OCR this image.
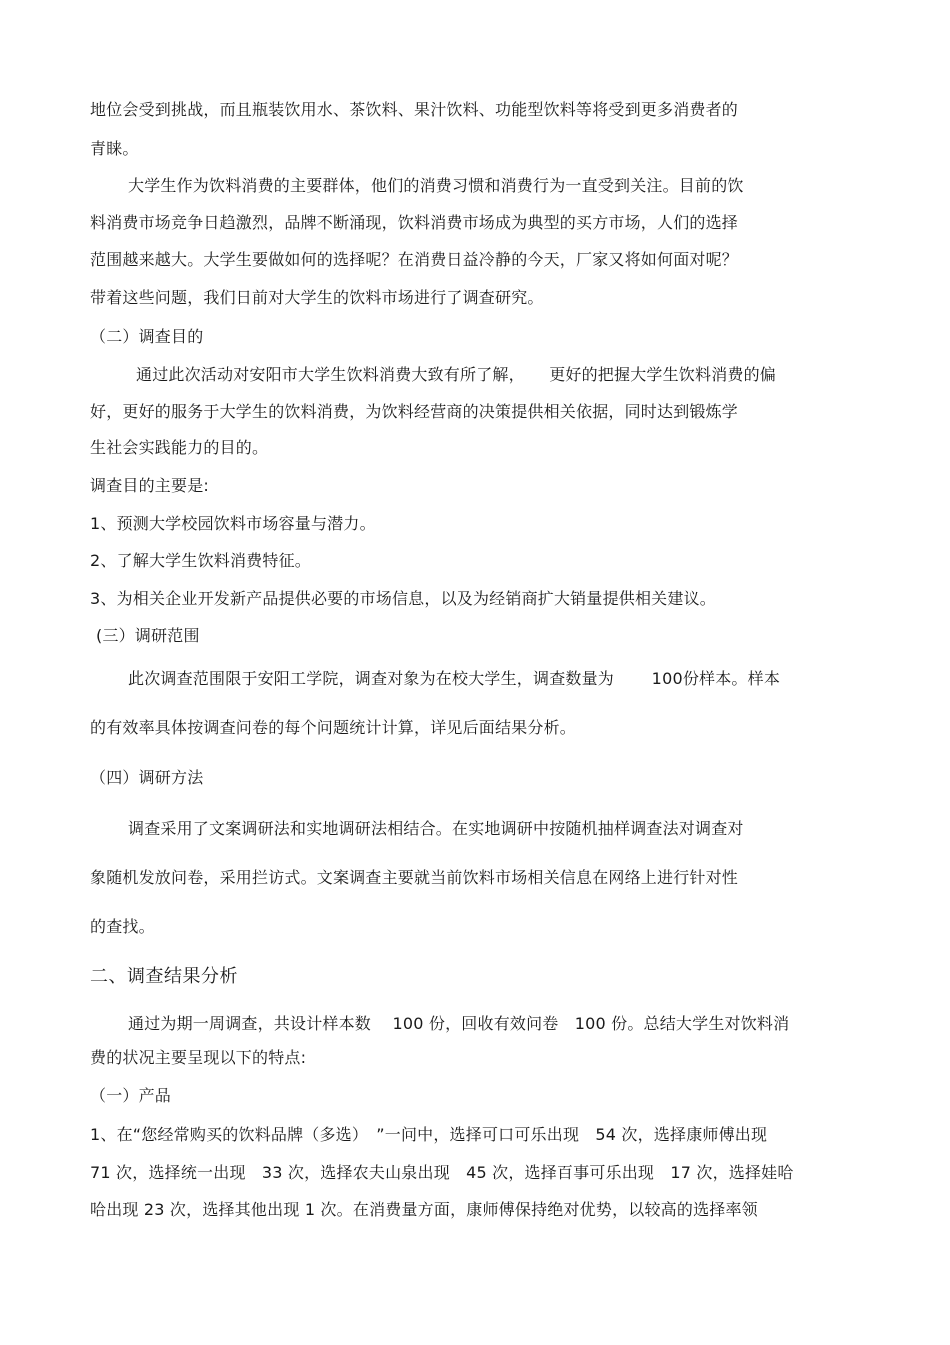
地位会受到挑战，而且瓶装饮用水、茶饮料、果汁饮料、功能型饮料等将受到更多消费者的
青睐。
大学生作为饮料消费的主要群体，他们的消费习惯和消费行为一直受到关注。目前的饮
料消费市场竞争日趋激烈，品牌不断涌现，饮料消费市场成为典型的买方市场，人们的选择
范围越来越大。大学生要做如何的选择呢？在消费日益冷静的今天，厂家又将如何面对呢？
带着这些问题，我们日前对大学生的饮料市场进行了调查研究。
（二）调查目的
通过此次活动对安阳市大学生饮料消费大致有所了解，　　更好的把握大学生饮料消费的偏
好，更好的服务于大学生的饮料消费，为饮料经营商的决策提供相关依据，同时达到锻炼学
生社会实践能力的目的。
调查目的主要是:
1、预测大学校园饮料市场容量与潜力。
2、了解大学生饮料消费特征。
3、为相关企业开发新产品提供必要的市场信息，以及为经销商扩大销量提供相关建议。
(三）调研范围
此次调查范围限于安阳工学院，调查对象为在校大学生，调查数量为　　 100份样本。样本
的有效率具体按调查问卷的每个问题统计计算，详见后面结果分析。
（四）调研方法
调查采用了文案调研法和实地调研法相结合。在实地调研中按随机抽样调查法对调查对
象随机发放问卷，采用拦访式。文案调查主要就当前饮料市场相关信息在网络上进行针对性
的查找。
二、调查结果分析
通过为期一周调查，共设计样本数　 100 份，回收有效问卷　100 份。总结大学生对饮料消
费的状况主要呈现以下的特点:
（一）产品
1、在“您经常购买的饮料品牌（多选）　”一问中，选择可口可乐出现　54 次，选择康师傅出现
71 次，选择统一出现　33 次，选择农夫山泉出现　45 次，选择百事可乐出现　17 次，选择娃哈
哈出现 23 次，选择其他出现 1 次。在消费量方面，康师傅保持绝对优势，以较高的选择率领
